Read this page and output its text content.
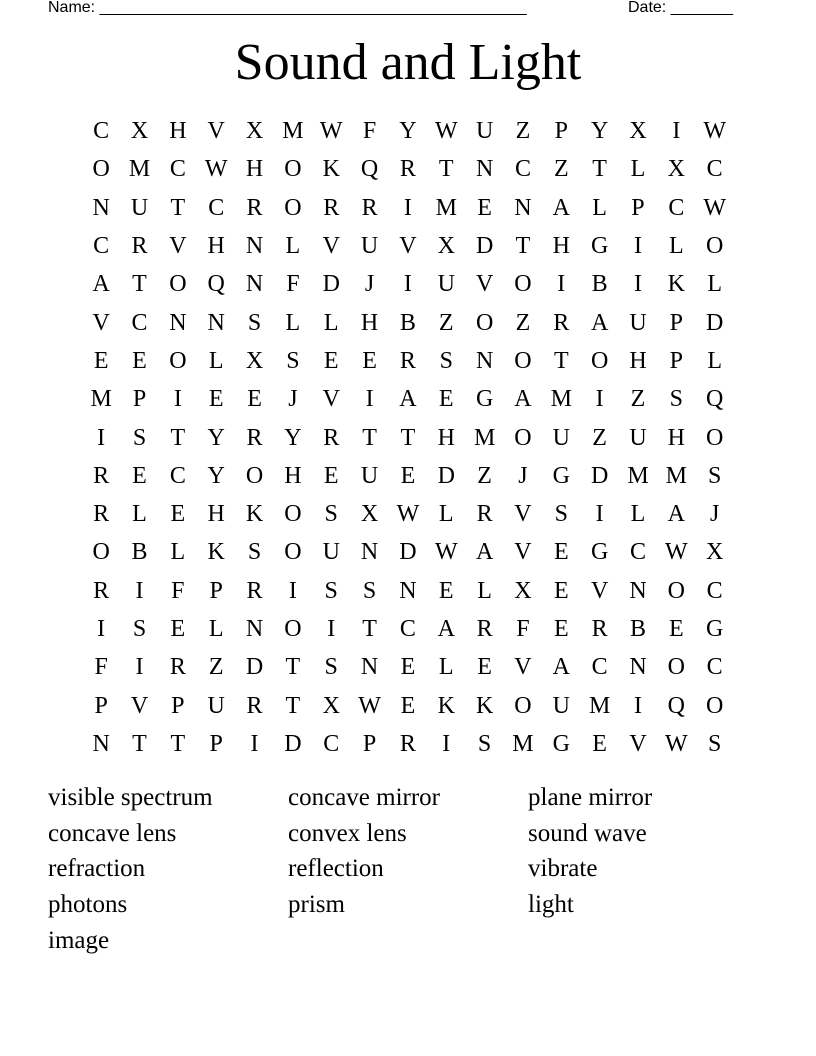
Name: ________________________________________________	Date: _______
Sound and Light
C X H V X M W F Y W U Z	P Y X	I W
O M C W H O K Q R T N C Z T L X C
N U T C R O R R	I M E N A L	P C W
C R V H N L V U V X D T H G	I	L O
A T O Q N F D	J	I	U V O	I	B	I	K L
V C N N S	L L H B Z O Z R A U P D
E E O L X S	E E R S N O T O H P	L
M P	I	E E	J	V	I	A E G A M I	Z	S Q
I	S	T Y R Y R T T H M O U Z U H O
R E C Y O H E U E D Z	J	G D M M S
R L E H K O S X W L R V S	I	L A	J
O B L K S O U N D W A V E G C W X
R	I	F	P R	I	S	S N E L X E V N O C
I	S	E L N O	I	T C A R F	E R B E G
F	I	R Z D T	S N E L E V A C N O C
P V P U R T X W E K K O U M I	Q O
N T T	P	I	D C P R	I	S M G E V W S
visible spectrum	concave mirror	plane mirror
concave lens	convex lens	sound wave
refraction	reflection	vibrate
photons	prism	light
image
